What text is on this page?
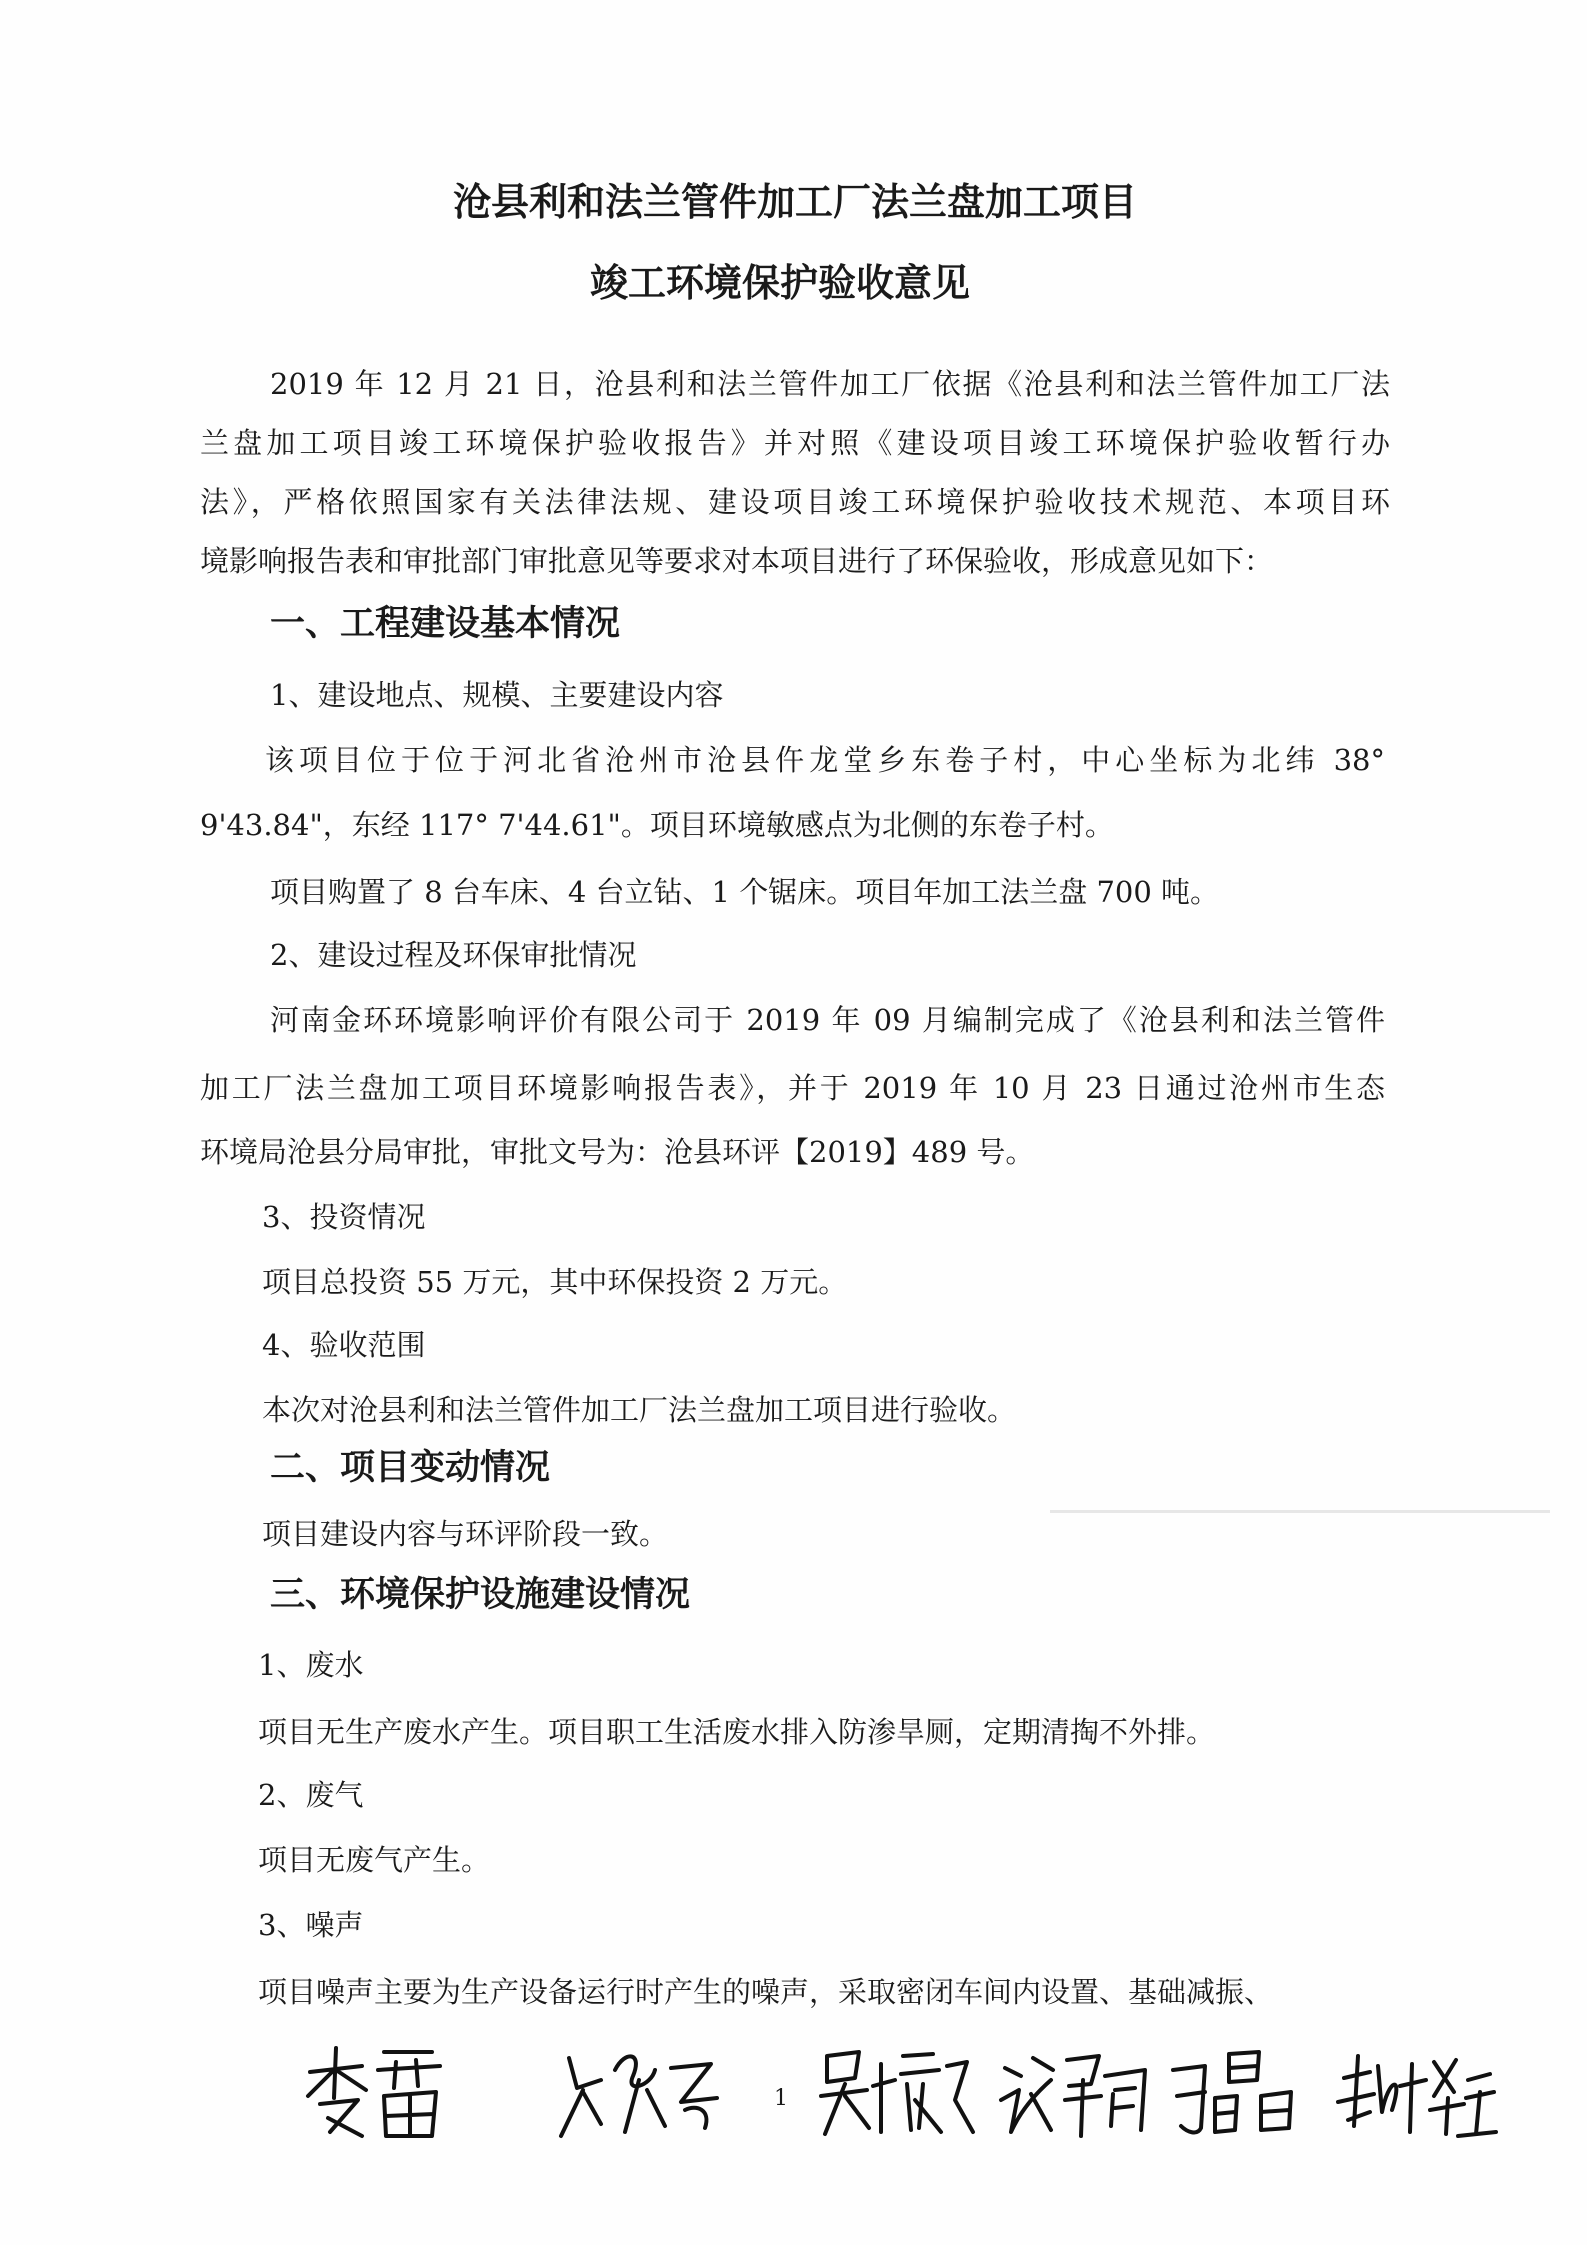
沧县利和法兰管件加工厂法兰盘加工项目
竣工环境保护验收意见
2019 年 12 月 21 日，沧县利和法兰管件加工厂依据《沧县利和法兰管件加工厂法
兰盘加工项目竣工环境保护验收报告》并对照《建设项目竣工环境保护验收暂行办
法》，严格依照国家有关法律法规、建设项目竣工环境保护验收技术规范、本项目环
境影响报告表和审批部门审批意见等要求对本项目进行了环保验收，形成意见如下：
一、工程建设基本情况
1、建设地点、规模、主要建设内容
该项目位于位于河北省沧州市沧县仵龙堂乡东卷子村，中心坐标为北纬 38°
9'43.84"，东经 117° 7'44.61"。项目环境敏感点为北侧的东卷子村。
项目购置了 8 台车床、4 台立钻、1 个锯床。项目年加工法兰盘 700 吨。
2、建设过程及环保审批情况
河南金环环境影响评价有限公司于 2019 年 09 月编制完成了《沧县利和法兰管件
加工厂法兰盘加工项目环境影响报告表》，并于 2019 年 10 月 23 日通过沧州市生态
环境局沧县分局审批，审批文号为：沧县环评【2019】489 号。
3、投资情况
项目总投资 55 万元，其中环保投资 2 万元。
4、验收范围
本次对沧县利和法兰管件加工厂法兰盘加工项目进行验收。
二、项目变动情况
项目建设内容与环评阶段一致。
三、环境保护设施建设情况
1、废水
项目无生产废水产生。项目职工生活废水排入防渗旱厕，定期清掏不外排。
2、废气
项目无废气产生。
3、噪声
项目噪声主要为生产设备运行时产生的噪声，采取密闭车间内设置、基础减振、
1
